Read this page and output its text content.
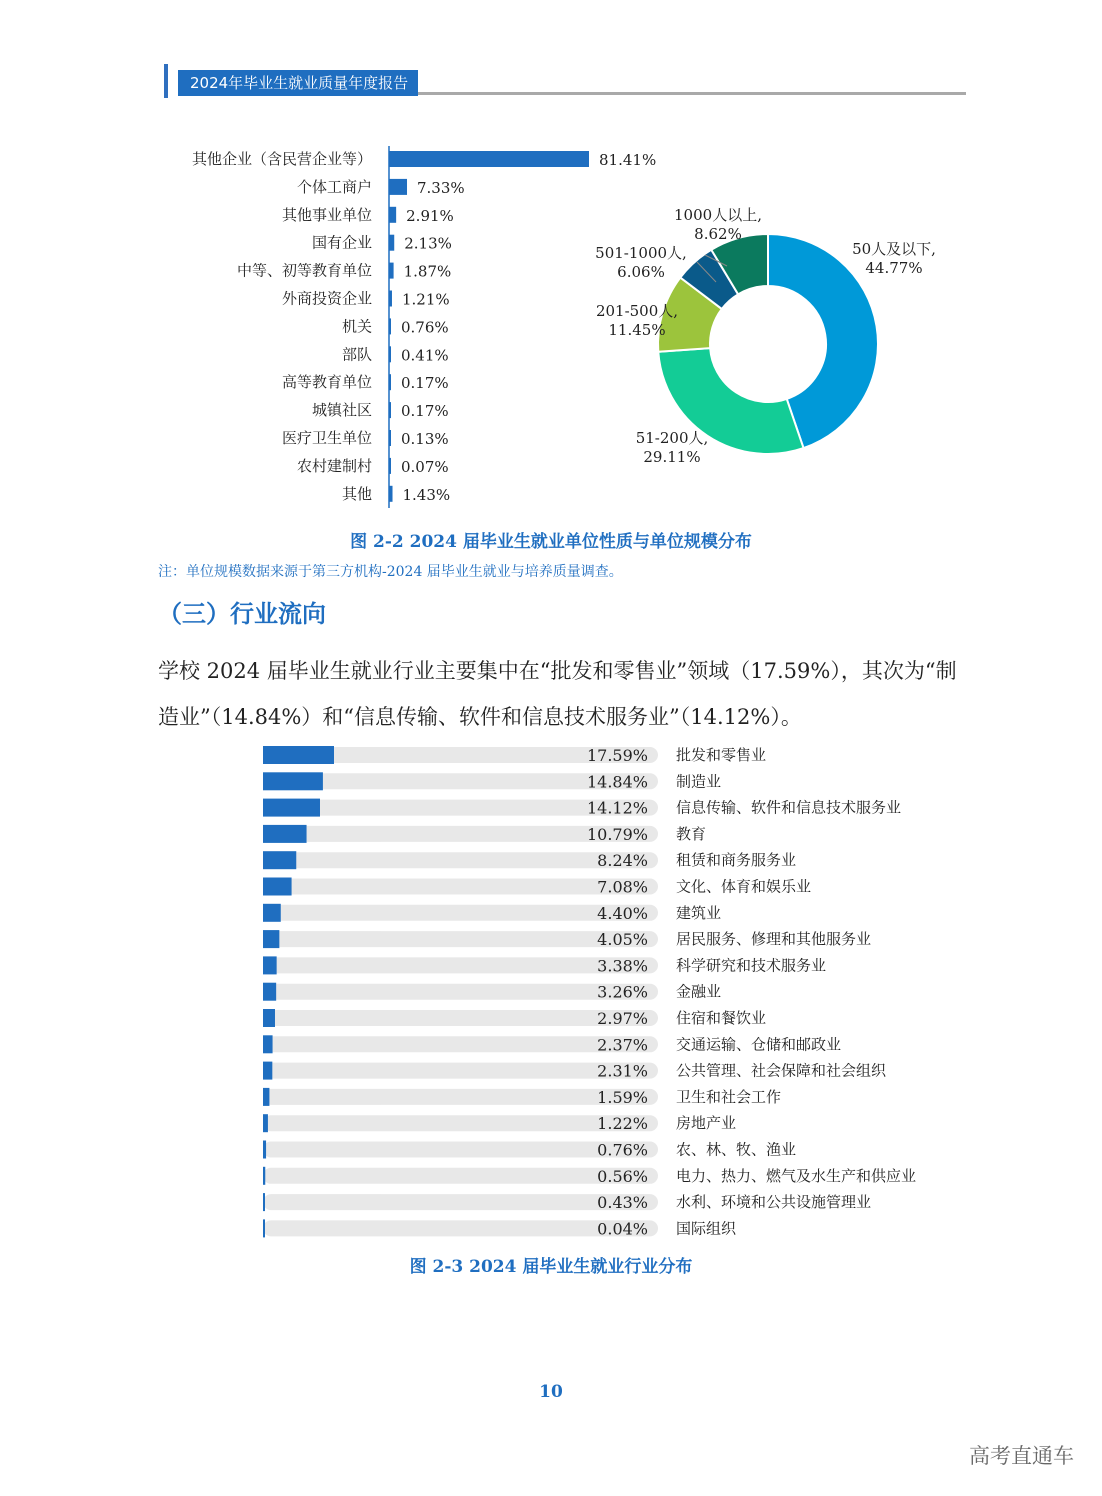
2024年毕业生就业质量年度报告
其他企业（含民营企业等）	81.41%
个体工商户	7.33%
其他事业单位 2.91%
国有企业 2.13%
中等、初等教育单位 1.87%
外商投资企业 1.21%
机关 0.76%
部队 0.41%
高等教育单位 0.17%
城镇社区 0.17%
医疗卫生单位 0.13%
农村建制村 0.07%
其他 1.43%
50人及以下,
44.77%
51-200人,
29.11%
201-500人,
11.45%
501-1000人,
6.06%
1000人以上,
8.62%
17.59% 批发和零售业
14.84% 制造业
14.12% 信息传输、软件和信息技术服务业
10.79% 教育
8.24% 租赁和商务服务业
7.08% 文化、体育和娱乐业
4.40% 建筑业
4.05% 居民服务、修理和其他服务业
3.38% 科学研究和技术服务业
3.26% 金融业
2.97% 住宿和餐饮业
2.37% 交通运输、仓储和邮政业
2.31% 公共管理、社会保障和社会组织
1.59% 卫生和社会工作
1.22% 房地产业
0.76% 农、林、牧、渔业
0.56% 电力、热力、燃气及水生产和供应业
0.43% 水利、环境和公共设施管理业
0.04% 国际组织
图 2-2 2024 届毕业生就业单位性质与单位规模分布
注：单位规模数据来源于第三方机构-2024 届毕业生就业与培养质量调查。
（三）行业流向
学校 2024 届毕业生就业行业主要集中在“批发和零售业”领域（17.59%），其次为“制造业”（14.84%）和“信息传输、软件和信息技术服务业”（14.12%）。
图 2-3 2024 届毕业生就业行业分布
10
高考直通车
